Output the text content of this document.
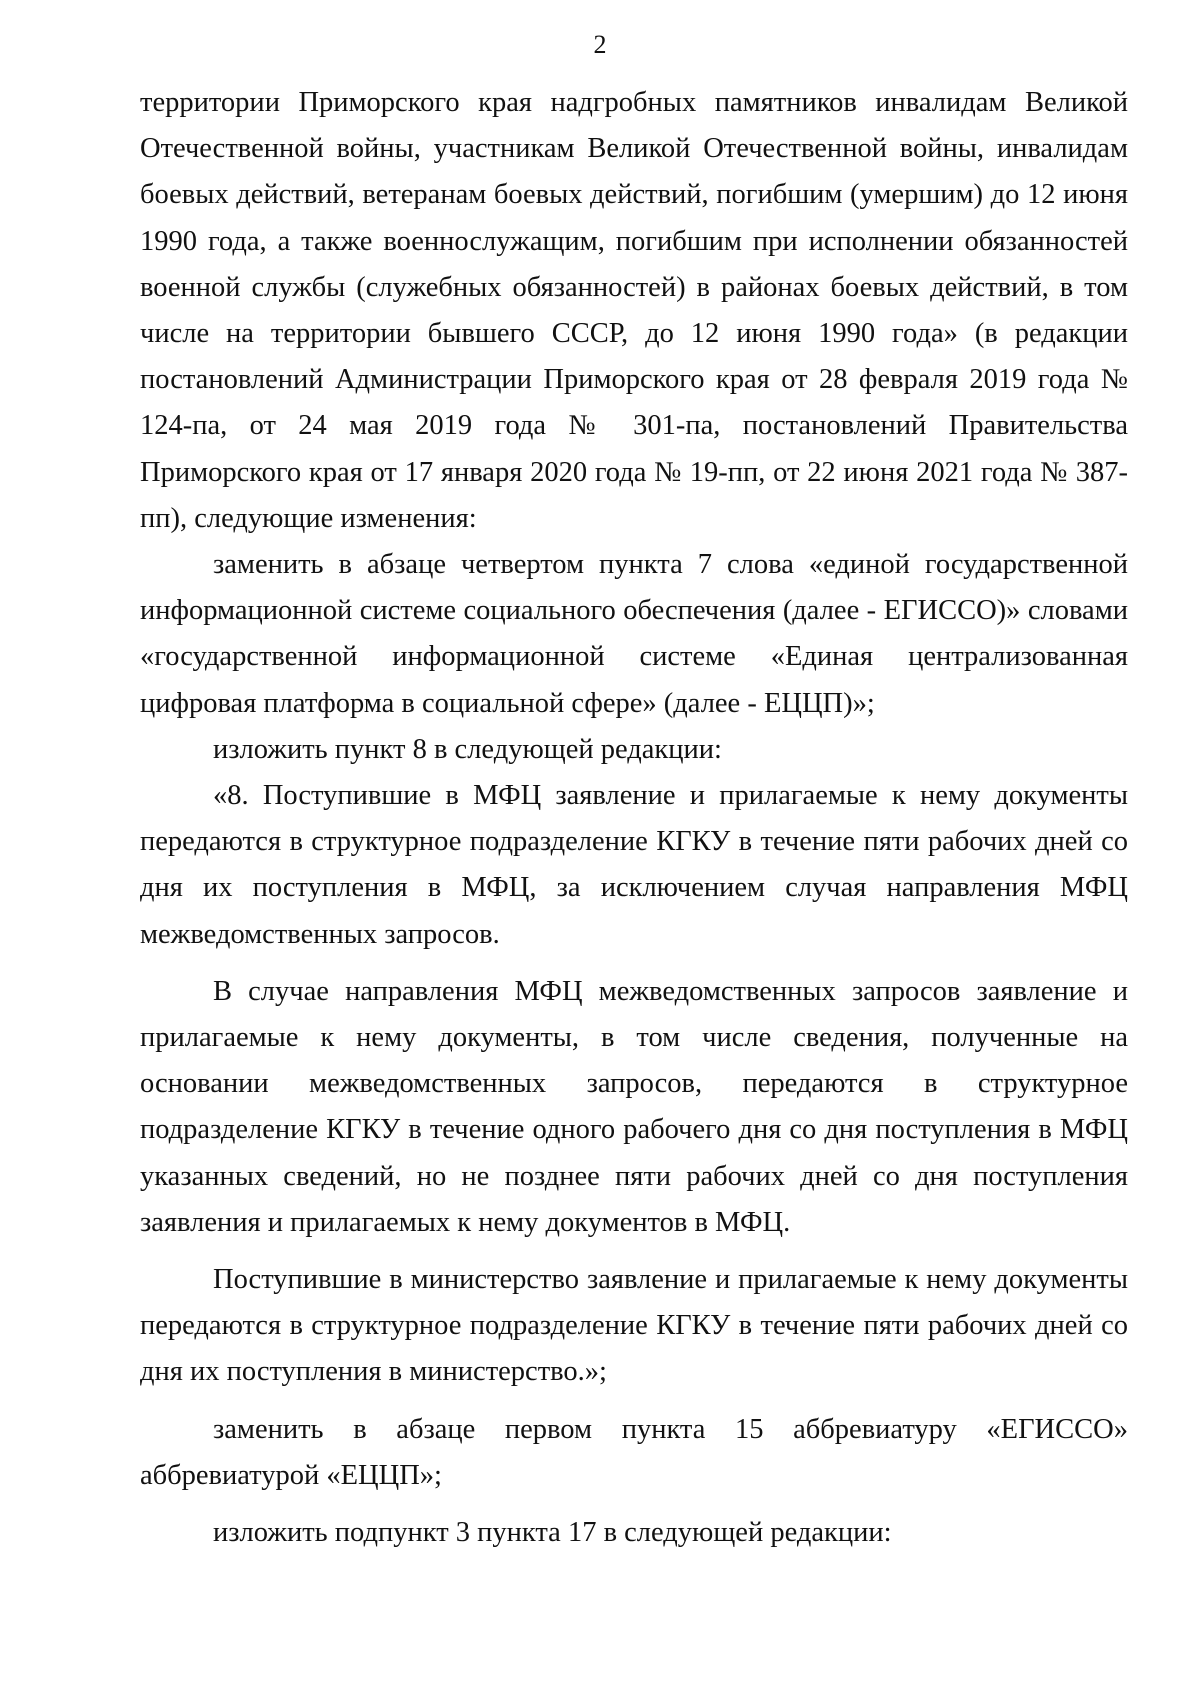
2

территории Приморского края надгробных памятников инвалидам Великой Отечественной войны, участникам Великой Отечественной войны, инвалидам боевых действий, ветеранам боевых действий, погибшим (умершим) до 12 июня 1990 года, а также военнослужащим, погибшим при исполнении обязанностей военной службы (служебных обязанностей) в районах боевых действий, в том числе на территории бывшего СССР, до 12 июня 1990 года» (в редакции постановлений Администрации Приморского края от 28 февраля 2019 года № 124-па, от 24 мая 2019 года № 301-па, постановлений Правительства Приморского края от 17 января 2020 года № 19-пп, от 22 июня 2021 года № 387-пп), следующие изменения:

заменить в абзаце четвертом пункта 7 слова «единой государственной информационной системе социального обеспечения (далее - ЕГИССО)» словами «государственной информационной системе «Единая централизованная цифровая платформа в социальной сфере» (далее - ЕЦЦП)»;

изложить пункт 8 в следующей редакции:

«8. Поступившие в МФЦ заявление и прилагаемые к нему документы передаются в структурное подразделение КГКУ в течение пяти рабочих дней со дня их поступления в МФЦ, за исключением случая направления МФЦ межведомственных запросов.

В случае направления МФЦ межведомственных запросов заявление и прилагаемые к нему документы, в том числе сведения, полученные на основании межведомственных запросов, передаются в структурное подразделение КГКУ в течение одного рабочего дня со дня поступления в МФЦ указанных сведений, но не позднее пяти рабочих дней со дня поступления заявления и прилагаемых к нему документов в МФЦ.

Поступившие в министерство заявление и прилагаемые к нему документы передаются в структурное подразделение КГКУ в течение пяти рабочих дней со дня их поступления в министерство.»;

заменить в абзаце первом пункта 15 аббревиатуру «ЕГИССО» аббревиатурой «ЕЦЦП»;

изложить подпункт 3 пункта 17 в следующей редакции:
